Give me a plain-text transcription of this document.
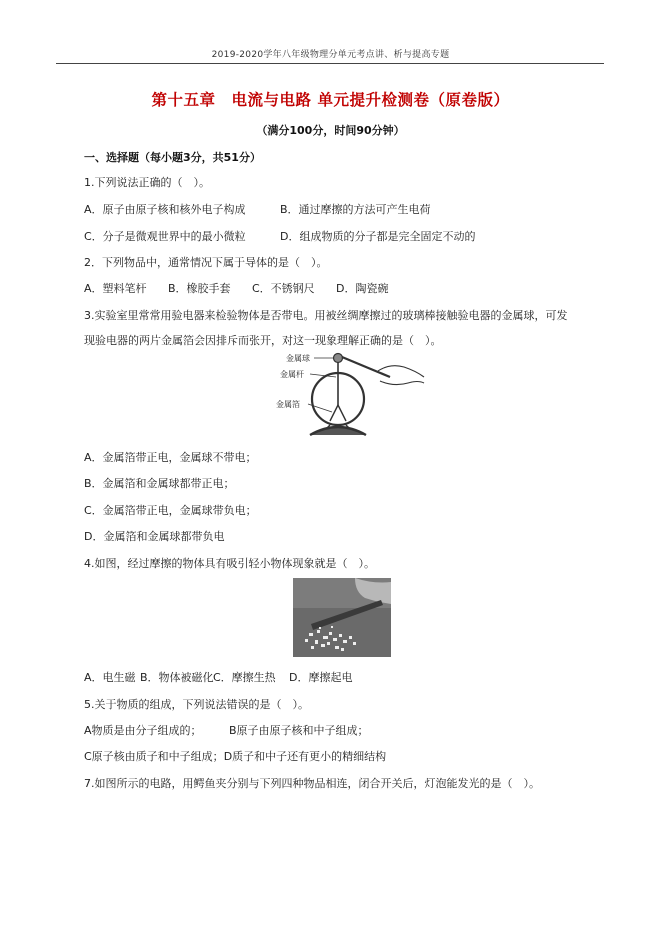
2019-2020学年八年级物理分单元考点讲、析与提高专题
第十五章　电流与电路 单元提升检测卷（原卷版）
（满分100分，时间90分钟）
一、选择题（每小题3分，共51分）
1.下列说法正确的（　）。
A．原子由原子核和核外电子构成	B．通过摩擦的方法可产生电荷
C．分子是微观世界中的最小微粒	D．组成物质的分子都是完全固定不动的
2．下列物品中，通常情况下属于导体的是（　）。
A．塑料笔杆 B．橡胶手套 C．不锈钢尺 D．陶瓷碗
3.实验室里常常用验电器来检验物体是否带电。用被丝绸摩擦过的玻璃棒接触验电器的金属球，可发
现验电器的两片金属箔会因排斥而张开，对这一现象理解正确的是（　）。
金属球
金属杆
金属箔
A．金属箔带正电，金属球不带电；
B．金属箔和金属球都带正电；
C．金属箔带正电，金属球带负电；
D．金属箔和金属球都带负电
4.如图，经过摩擦的物体具有吸引轻小物体现象就是（　）。
A．电生磁 B．物体被磁化C．摩擦生热 D．摩擦起电
5.关于物质的组成，下列说法错误的是（　）。
A物质是由分子组成的； B原子由原子核和中子组成；
C原子核由质子和中子组成；D质子和中子还有更小的精细结构
7.如图所示的电路，用鳄鱼夹分别与下列四种物品相连，闭合开关后，灯泡能发光的是（　）。
